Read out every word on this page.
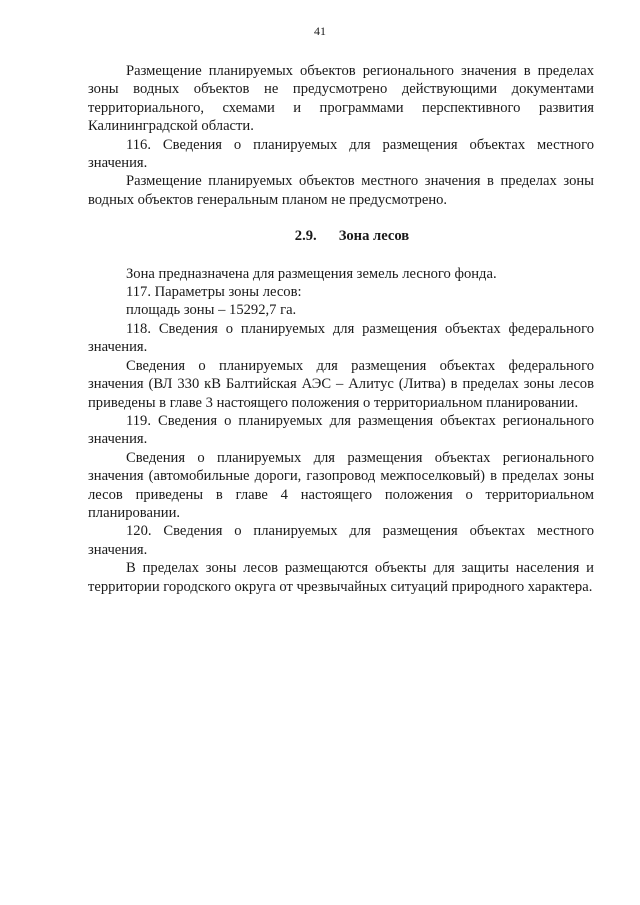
41

Размещение планируемых объектов регионального значения в пределах зоны водных объектов не предусмотрено действующими документами территориального, схемами и программами перспективного развития Калининградской области.

116. Сведения о планируемых для размещения объектах местного значения.

Размещение планируемых объектов местного значения в пределах зоны водных объектов генеральным планом не предусмотрено.

2.9. Зона лесов

Зона предназначена для размещения земель лесного фонда.

117. Параметры зоны лесов:

площадь зоны – 15292,7 га.

118. Сведения о планируемых для размещения объектах федерального значения.

Сведения о планируемых для размещения объектах федерального значения (ВЛ 330 кВ Балтийская АЭС – Алитус (Литва) в пределах зоны лесов приведены в главе 3 настоящего положения о территориальном планировании.

119. Сведения о планируемых для размещения объектах регионального значения.

Сведения о планируемых для размещения объектах регионального значения (автомобильные дороги, газопровод межпоселковый) в пределах зоны лесов приведены в главе 4 настоящего положения о территориальном планировании.

120. Сведения о планируемых для размещения объектах местного значения.

В пределах зоны лесов размещаются объекты для защиты населения и территории городского округа от чрезвычайных ситуаций природного характера.
